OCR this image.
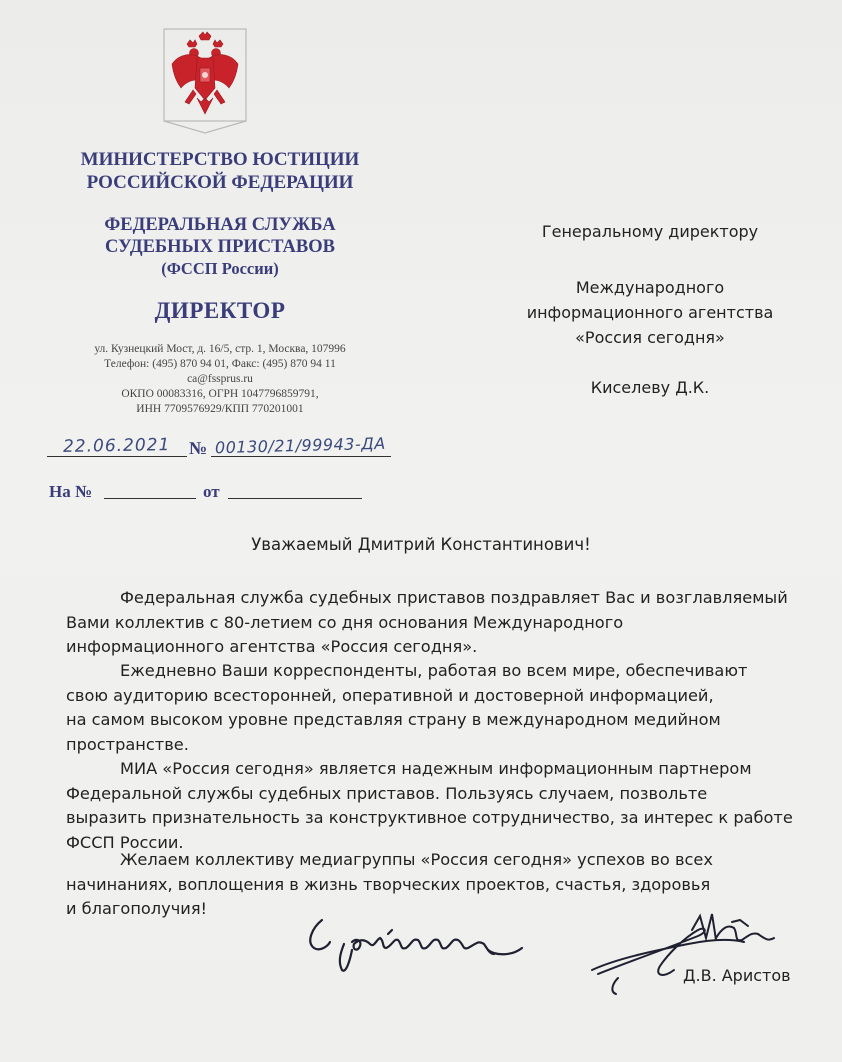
МИНИСТЕРСТВО ЮСТИЦИИ
РОССИЙСКОЙ ФЕДЕРАЦИИ
ФЕДЕРАЛЬНАЯ СЛУЖБА
СУДЕБНЫХ ПРИСТАВОВ
(ФССП России)
ДИРЕКТОР
ул. Кузнецкий Мост, д. 16/5, стр. 1, Москва, 107996
Телефон: (495) 870 94 01, Факс: (495) 870 94 11
ca@fssprus.ru
ОКПО 00083316, ОГРН 1047796859791,
ИНН 7709576929/КПП 770201001
22.06.2021 № 00130/21/99943-ДА
На №	от
Генеральному директору
Международного
информационного агентства
«Россия сегодня»
Киселеву Д.К.
Уважаемый Дмитрий Константинович!

Федеральная служба судебных приставов поздравляет Вас и возглавляемый
Вами коллектив с 80-летием со дня основания Международного
информационного агентства «Россия сегодня».

Ежедневно Ваши корреспонденты, работая во всем мире, обеспечивают
свою аудиторию всесторонней, оперативной и достоверной информацией,
на самом высоком уровне представляя страну в международном медийном
пространстве.

МИА «Россия сегодня» является надежным информационным партнером
Федеральной службы судебных приставов. Пользуясь случаем, позвольте
выразить признательность за конструктивное сотрудничество, за интерес к работе
ФССП России.

Желаем коллективу медиагруппы «Россия сегодня» успехов во всех
начинаниях, воплощения в жизнь творческих проектов, счастья, здоровья
и благополучия!

Д.В. Аристов
